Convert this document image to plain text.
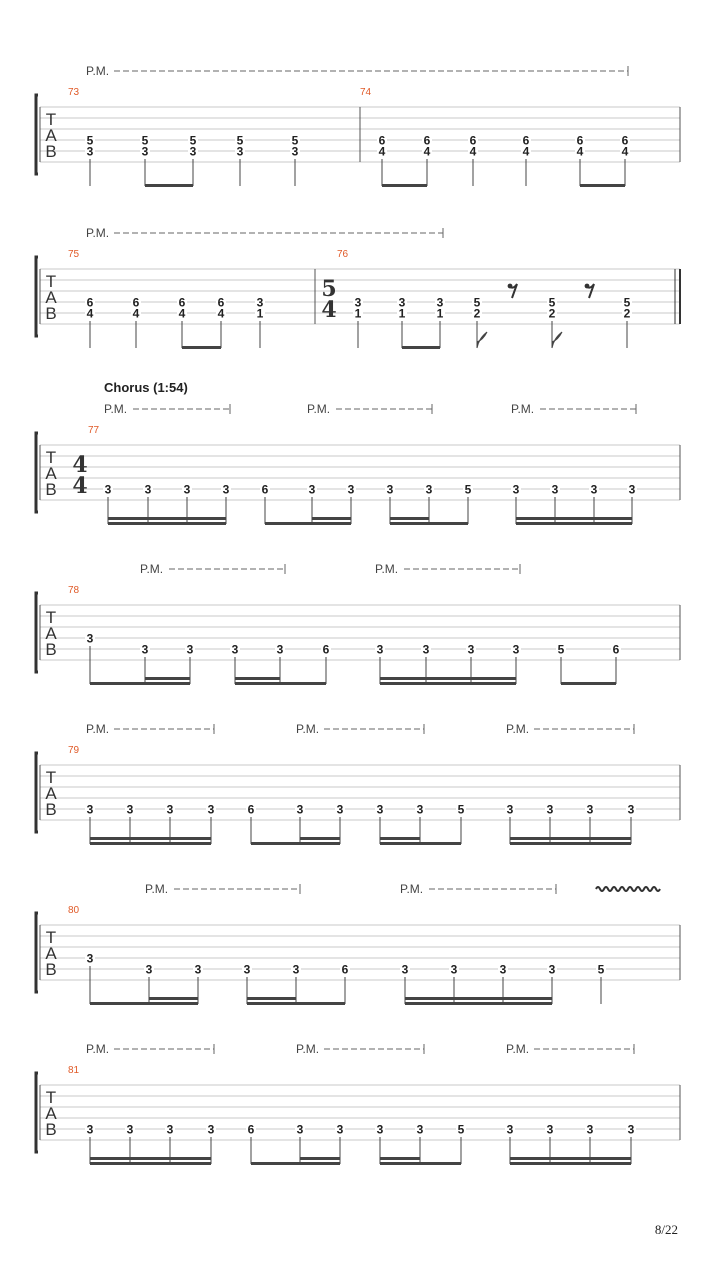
T
A
B
P.M.
73
5
3
5
3
5
3
5
3
5
3
74
6
4
6
4
6
4
6
4
6
4
6
4
T
A
B
P.M.
75
6
4
6
4
6
4
6
4
3
1
76
5
4 3
1
3
1
3
1
5
2
5
2
5
2
T
A
B
Chorus (1:54)
P.M.	P.M.	P.M.
77
4
4 3	3	3	3	6	3	3	3	3	5	3	3	3	3
T
A
B
P.M.	P.M.
78
3
3	3	3	3	6	3	3	3	3	5	6
T
A
B
P.M.	P.M.	P.M.
79
3	3	3	3	6	3	3	3	3	5	3	3	3	3
T
A
B
P.M.	P.M.
80
3
3	3	3	3	6	3	3	3	3	5
T
A
B
P.M.	P.M.	P.M.
81
3	3	3	3	6	3	3	3	3	5	3	3	3	3
8/22
